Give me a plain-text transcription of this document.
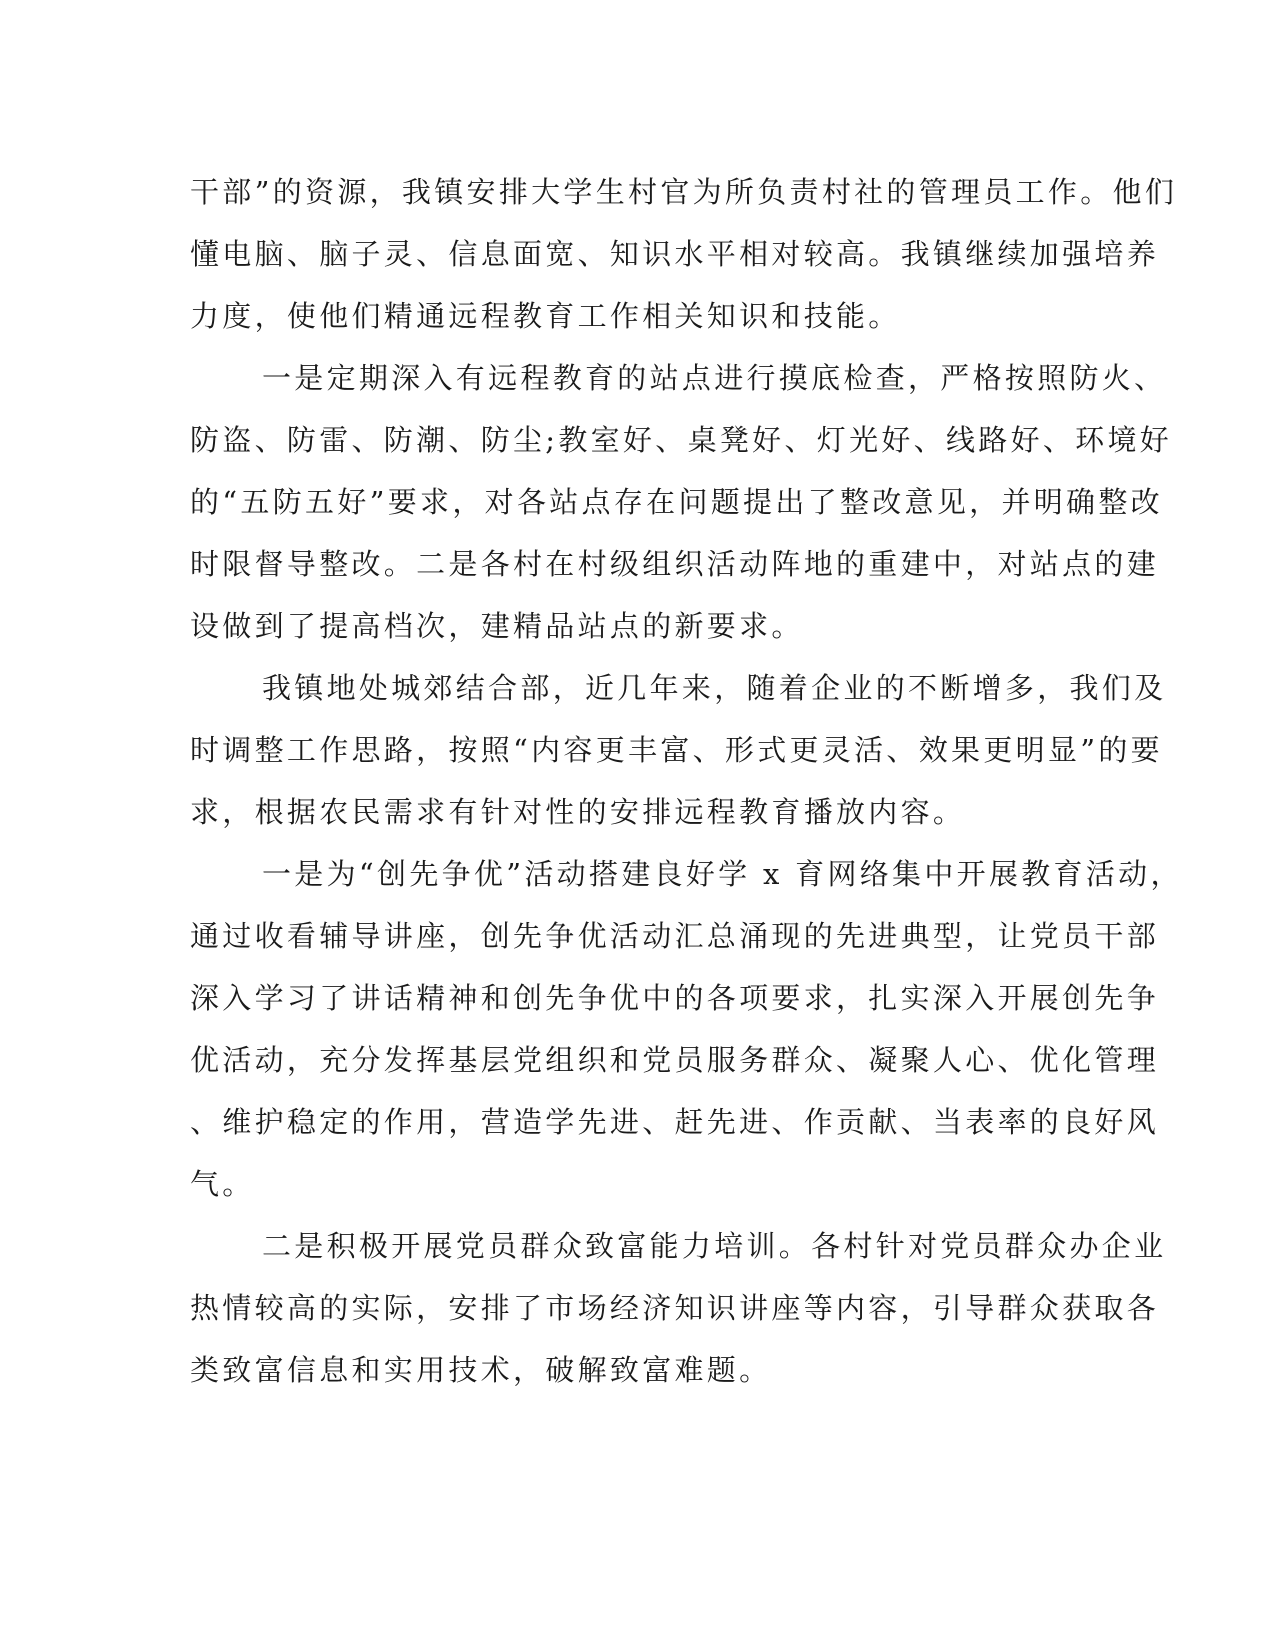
干部”的资源，我镇安排大学生村官为所负责村社的管理员工作。他们
懂电脑、脑子灵、信息面宽、知识水平相对较高。我镇继续加强培养
力度，使他们精通远程教育工作相关知识和技能。
一是定期深入有远程教育的站点进行摸底检查，严格按照防火、
防盗、防雷、防潮、防尘;教室好、桌凳好、灯光好、线路好、环境好
的“五防五好”要求，对各站点存在问题提出了整改意见，并明确整改
时限督导整改。二是各村在村级组织活动阵地的重建中，对站点的建
设做到了提高档次，建精品站点的新要求。
我镇地处城郊结合部，近几年来，随着企业的不断增多，我们及
时调整工作思路，按照“内容更丰富、形式更灵活、效果更明显”的要
求，根据农民需求有针对性的安排远程教育播放内容。
一是为“创先争优”活动搭建良好学 x 育网络集中开展教育活动，
通过收看辅导讲座，创先争优活动汇总涌现的先进典型，让党员干部
深入学习了讲话精神和创先争优中的各项要求，扎实深入开展创先争
优活动，充分发挥基层党组织和党员服务群众、凝聚人心、优化管理
、维护稳定的作用，营造学先进、赶先进、作贡献、当表率的良好风
气。
二是积极开展党员群众致富能力培训。各村针对党员群众办企业
热情较高的实际，安排了市场经济知识讲座等内容，引导群众获取各
类致富信息和实用技术，破解致富难题。
